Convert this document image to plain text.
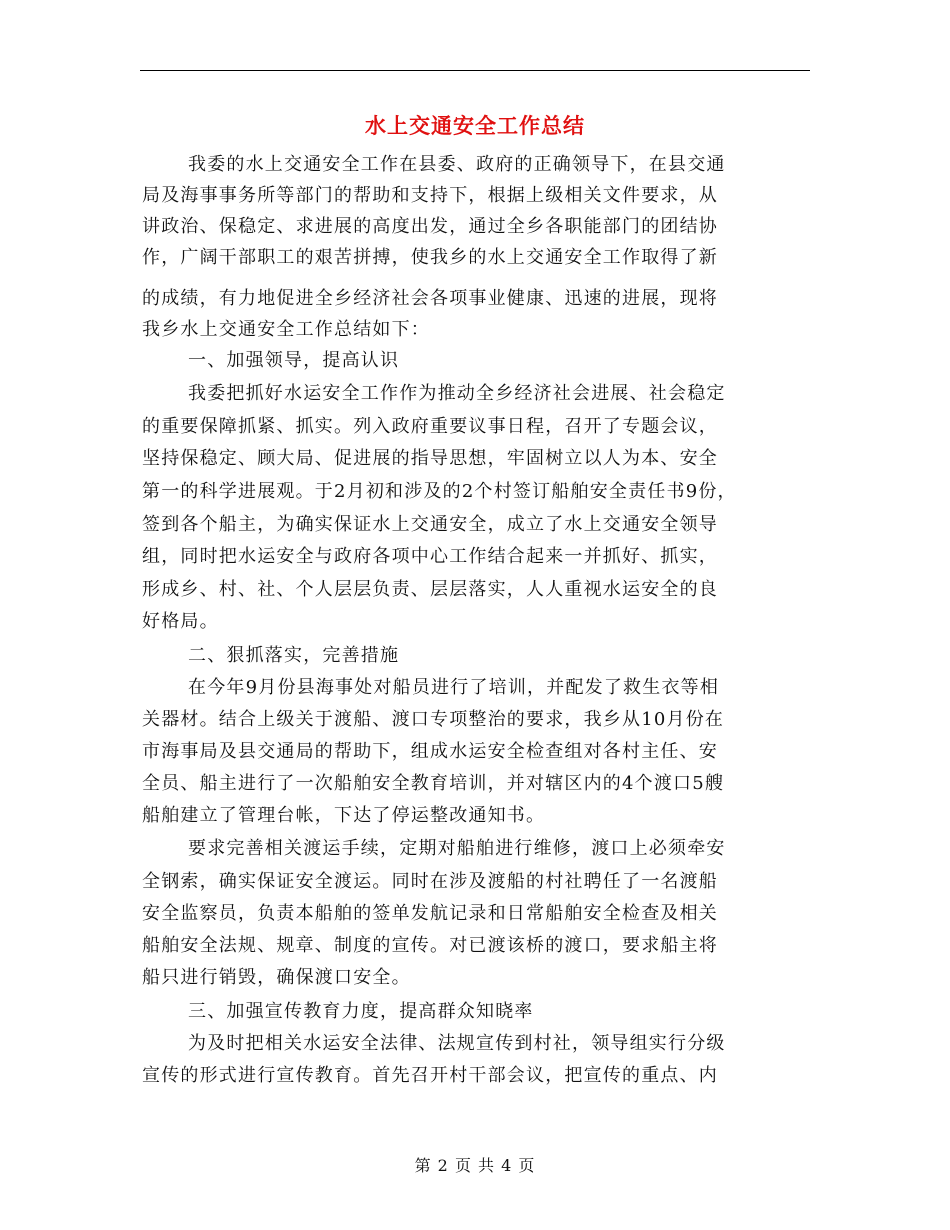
水上交通安全工作总结
我委的水上交通安全工作在县委、政府的正确领导下，在县交通
局及海事事务所等部门的帮助和支持下，根据上级相关文件要求，从
讲政治、保稳定、求进展的高度出发，通过全乡各职能部门的团结协
作，广阔干部职工的艰苦拼搏，使我乡的水上交通安全工作取得了新
的成绩，有力地促进全乡经济社会各项事业健康、迅速的进展，现将
我乡水上交通安全工作总结如下：
一、加强领导，提高认识
我委把抓好水运安全工作作为推动全乡经济社会进展、社会稳定
的重要保障抓紧、抓实。列入政府重要议事日程，召开了专题会议，
坚持保稳定、顾大局、促进展的指导思想，牢固树立以人为本、安全
第一的科学进展观。于2月初和涉及的2个村签订船舶安全责任书9份，
签到各个船主，为确实保证水上交通安全，成立了水上交通安全领导
组，同时把水运安全与政府各项中心工作结合起来一并抓好、抓实，
形成乡、村、社、个人层层负责、层层落实，人人重视水运安全的良
好格局。
二、狠抓落实，完善措施
在今年9月份县海事处对船员进行了培训，并配发了救生衣等相
关器材。结合上级关于渡船、渡口专项整治的要求，我乡从10月份在
市海事局及县交通局的帮助下，组成水运安全检查组对各村主任、安
全员、船主进行了一次船舶安全教育培训，并对辖区内的4个渡口5艘
船舶建立了管理台帐，下达了停运整改通知书。
要求完善相关渡运手续，定期对船舶进行维修，渡口上必须牵安
全钢索，确实保证安全渡运。同时在涉及渡船的村社聘任了一名渡船
安全监察员，负责本船舶的签单发航记录和日常船舶安全检查及相关
船舶安全法规、规章、制度的宣传。对已渡该桥的渡口，要求船主将
船只进行销毁，确保渡口安全。
三、加强宣传教育力度，提高群众知晓率
为及时把相关水运安全法律、法规宣传到村社，领导组实行分级
宣传的形式进行宣传教育。首先召开村干部会议，把宣传的重点、内
第 2 页 共 4 页
